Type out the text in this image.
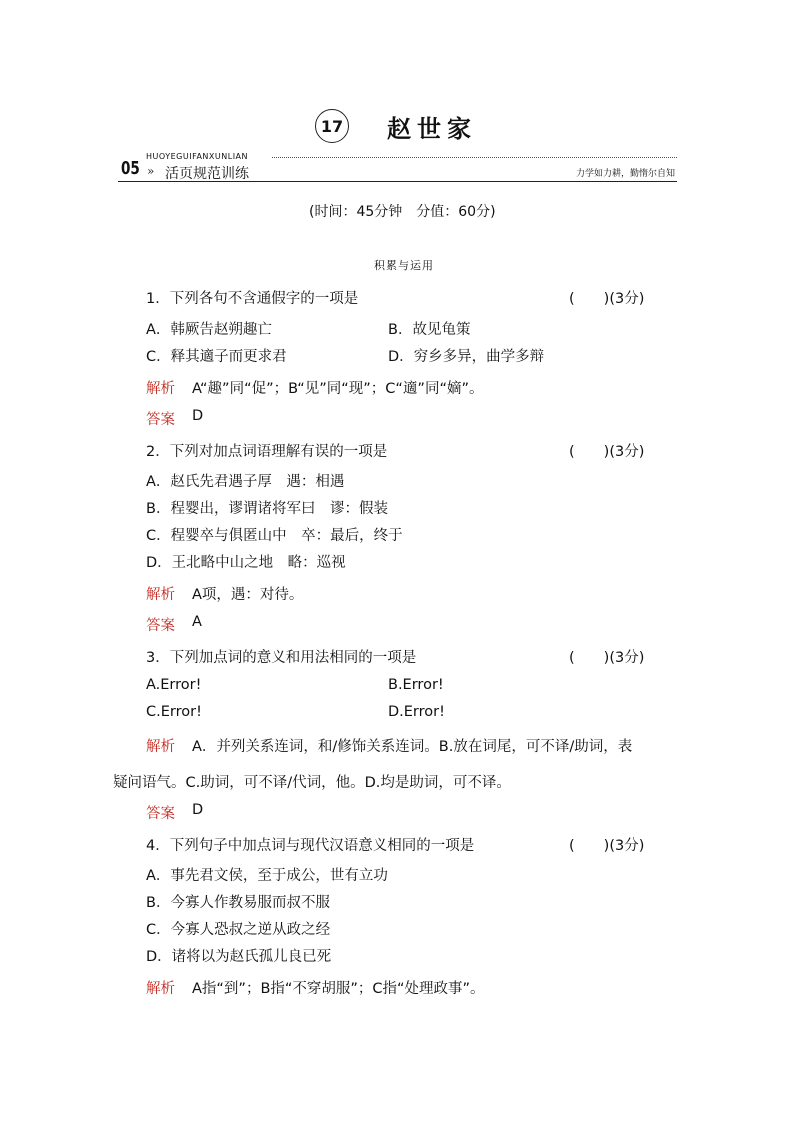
17 赵世家
05
HUOYEGUIFANXUNLIAN
» 活页规范训练	力学如力耕，勤惰尔自知
(时间：45分钟　分值：60分)
积累与运用
1．下列各句不含通假字的一项是	(　　)(3分)
A．韩厥告赵朔趣亡	B．故见龟策
C．释其適子而更求君	D．穷乡多异，曲学多辩
解析 A“趣”同“促”；B“见”同“现”；C“適”同“嫡”。
答案 D
2．下列对加点词语理解有误的一项是	(　　)(3分)
A．赵氏先君遇子厚　遇：相遇
B．程婴出，谬谓诸将军曰　谬：假装
C．程婴卒与俱匿山中　卒：最后，终于
D．王北略中山之地　略：巡视
解析 A项，遇：对待。
答案 A
3．下列加点词的意义和用法相同的一项是	(　　)(3分)
A.Error!	B.Error!
C.Error!	D.Error!
解析 A．并列关系连词，和/修饰关系连词。B.放在词尾，可不译/助词，表
疑问语气。C.助词，可不译/代词，他。D.均是助词，可不译。
答案 D
4．下列句子中加点词与现代汉语意义相同的一项是	(　　)(3分)
A．事先君文侯，至于成公，世有立功
B．今寡人作教易服而叔不服
C．今寡人恐叔之逆从政之经
D．诸将以为赵氏孤儿良已死
解析 A指“到”；B指“不穿胡服”；C指“处理政事”。
